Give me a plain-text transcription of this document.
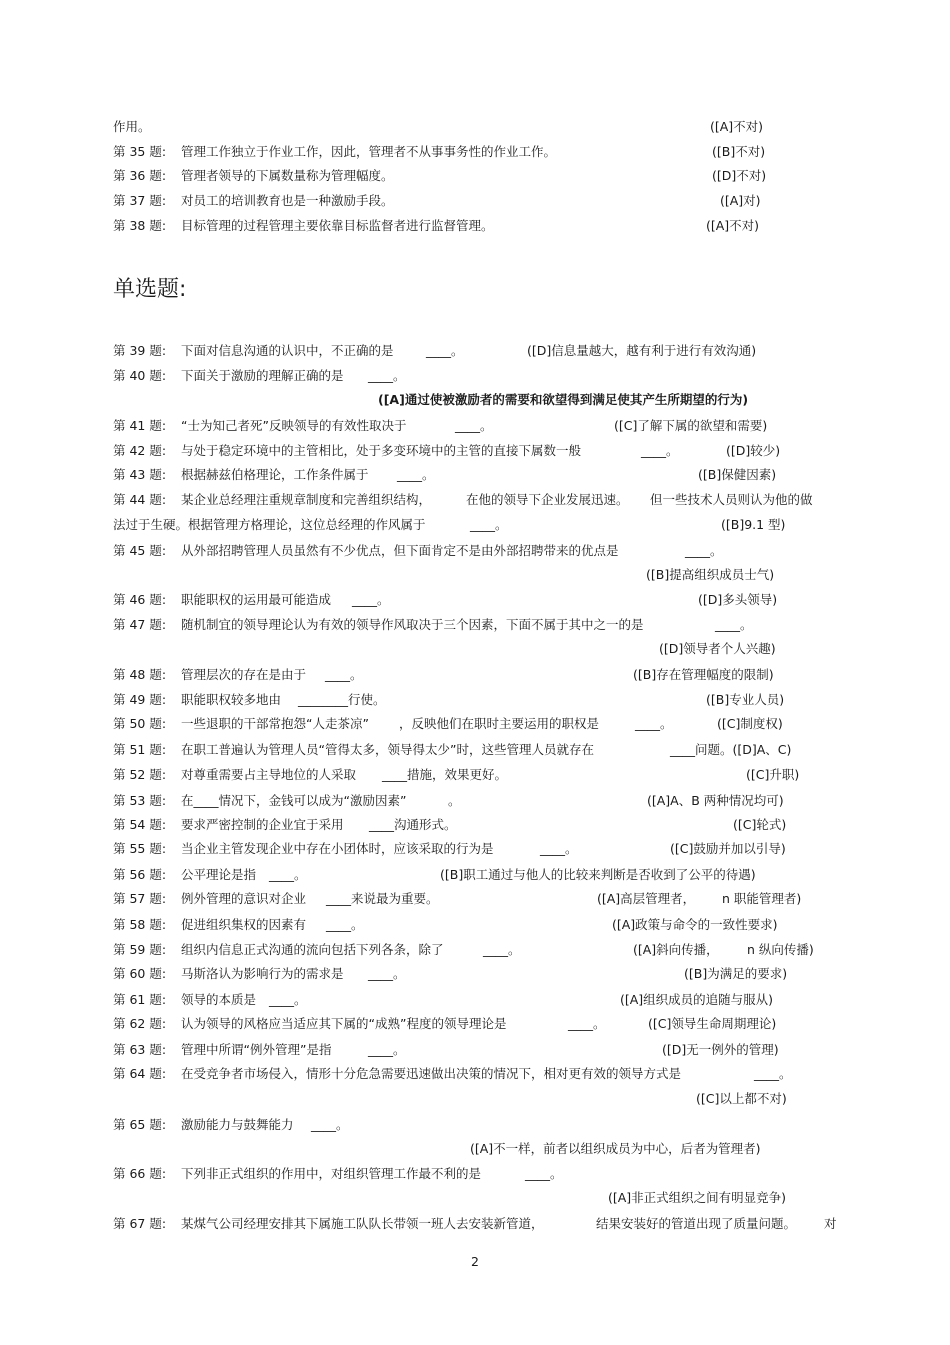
单选题:
作用。	([A]不对)
第 35 题: 管理工作独立于作业工作，因此，管理者不从事事务性的作业工作。	([B]不对)
第 36 题: 管理者领导的下属数量称为管理幅度。	([D]不对)
第 37 题: 对员工的培训教育也是一种激励手段。	([A]对)
第 38 题: 目标管理的过程管理主要依靠目标监督者进行监督管理。	([A]不对)
第 39 题: 下面对信息沟通的认识中，不正确的是	____。	([D]信息量越大，越有利于进行有效沟通)
第 40 题: 下面关于激励的理解正确的是 ____。
([A]通过使被激励者的需要和欲望得到满足使其产生所期望的行为)
第 41 题: “士为知己者死”反映领导的有效性取决于	____。	([C]了解下属的欲望和需要)
第 42 题: 与处于稳定环境中的主管相比，处于多变环境中的主管的直接下属数一般	____。	([D]较少)
第 43 题: 根据赫兹伯格理论，工作条件属于 ____。	([B]保健因素)
第 44 题: 某企业总经理注重规章制度和完善组织结构，	在他的领导下企业发展迅速。 但一些技术人员则认为他的做
法过于生硬。根据管理方格理论，这位总经理的作风属于	____。	([B]9.1 型)
第 45 题: 从外部招聘管理人员虽然有不少优点，但下面肯定不是由外部招聘带来的优点是	____。
([B]提高组织成员士气)
第 46 题: 职能职权的运用最可能造成 ____。	([D]多头领导)
第 47 题: 随机制宜的领导理论认为有效的领导作风取决于三个因素，下面不属于其中之一的是	____。
([D]领导者个人兴趣)
第 48 题: 管理层次的存在是由于 ____。	([B]存在管理幅度的限制)
第 49 题: 职能职权较多地由 ________行使。	([B]专业人员)
第 50 题: 一些退职的干部常抱怨“人走茶凉” ，反映他们在职时主要运用的职权是	____。	([C]制度权)
第 51 题: 在职工普遍认为管理人员“管得太多，领导得太少”时，这些管理人员就存在	____问题。([D]A、C)
第 52 题: 对尊重需要占主导地位的人采取 ____措施，效果更好。	([C]升职)
第 53 题: 在____情况下，金钱可以成为“激励因素”	。	([A]A、B 两种情况均可)
第 54 题: 要求严密控制的企业宜于采用 ____沟通形式。	([C]轮式)
第 55 题: 当企业主管发现企业中存在小团体时，应该采取的行为是	____。	([C]鼓励并加以引导)
第 56 题: 公平理论是指 ____。	([B]职工通过与他人的比较来判断是否收到了公平的待遇)
第 57 题: 例外管理的意识对企业 ____来说最为重要。	([A]高层管理者， n 职能管理者)
第 58 题: 促进组织集权的因素有 ____。	([A]政策与命令的一致性要求)
第 59 题: 组织内信息正式沟通的流向包括下列各条，除了	____。	([A]斜向传播， n 纵向传播)
第 60 题: 马斯洛认为影响行为的需求是 ____。	([B]为满足的要求)
第 61 题: 领导的本质是 ____。	([A]组织成员的追随与服从)
第 62 题: 认为领导的风格应当适应其下属的“成熟”程度的领导理论是	____。	([C]领导生命周期理论)
第 63 题: 管理中所谓“例外管理”是指	____。	([D]无一例外的管理)
第 64 题: 在受竞争者市场侵入，情形十分危急需要迅速做出决策的情况下，相对更有效的领导方式是	____。
([C]以上都不对)
第 65 题: 激励能力与鼓舞能力 ____。
([A]不一样，前者以组织成员为中心，后者为管理者)
第 66 题: 下列非正式组织的作用中，对组织管理工作最不利的是	____。
([A]非正式组织之间有明显竞争)
第 67 题: 某煤气公司经理安排其下属施工队队长带领一班人去安装新管道，	结果安装好的管道出现了质量问题。 对
2
